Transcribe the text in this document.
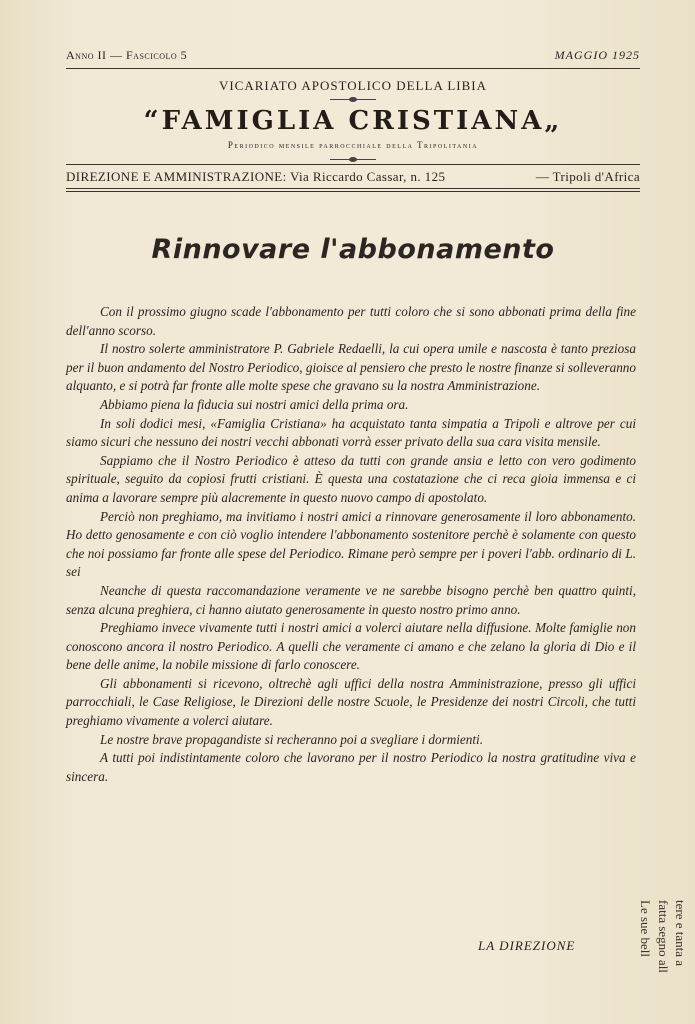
Anno II — Fascicolo 5	MAGGIO 1925
VICARIATO APOSTOLICO DELLA LIBIA
“FAMIGLIA CRISTIANA„
Periodico mensile parrocchiale della Tripolitania
DIREZIONE E AMMINISTRAZIONE: Via Riccardo Cassar, n. 125	— Tripoli d'Africa
Rinnovare l'abbonamento

Con il prossimo giugno scade l'abbonamento per tutti coloro che si sono abbonati prima della fine dell'anno scorso.

Il nostro solerte amministratore P. Gabriele Redaelli, la cui opera umile e nascosta è tanto preziosa per il buon andamento del Nostro Periodico, gioisce al pensiero che presto le nostre finanze si solleveranno alquanto, e si potrà far fronte alle molte spese che gravano su la nostra Amministrazione.

Abbiamo piena la fiducia sui nostri amici della prima ora.

In soli dodici mesi, «Famiglia Cristiana» ha acquistato tanta simpatia a Tripoli e altrove per cui siamo sicuri che nessuno dei nostri vecchi abbonati vorrà esser privato della sua cara visita mensile.

Sappiamo che il Nostro Periodico è atteso da tutti con grande ansia e letto con vero godimento spirituale, seguito da copiosi frutti cristiani. È questa una costatazione che ci reca gioia immensa e ci anima a lavorare sempre più alacremente in questo nuovo campo di apostolato.

Perciò non preghiamo, ma invitiamo i nostri amici a rinnovare generosamente il loro abbonamento. Ho detto genosamente e con ciò voglio intendere l'abbonamento sostenitore perchè è solamente con questo che noi possiamo far fronte alle spese del Periodico. Rimane però sempre per i poveri l'abb. ordinario di L. sei

Neanche di questa raccomandazione veramente ve ne sarebbe bisogno perchè ben quattro quinti, senza alcuna preghiera, ci hanno aiutato generosamente in questo nostro primo anno.

Preghiamo invece vivamente tutti i nostri amici a volerci aiutare nella diffusione. Molte famiglie non conoscono ancora il nostro Periodico. A quelli che veramente ci amano e che zelano la gloria di Dio e il bene delle anime, la nobile missione di farlo conoscere.

Gli abbonamenti si ricevono, oltrechè agli uffici della nostra Amministrazione, presso gli uffici parrocchiali, le Case Religiose, le Direzioni delle nostre Scuole, le Presidenze dei nostri Circoli, che tutti preghiamo vivamente a volerci aiutare.

Le nostre brave propagandiste si recheranno poi a svegliare i dormienti.

A tutti poi indistintamente coloro che lavorano per il nostro Periodico la nostra gratitudine viva e sincera.

LA DIREZIONE	tere e tanta a
fatta segno all
Le sue bell
